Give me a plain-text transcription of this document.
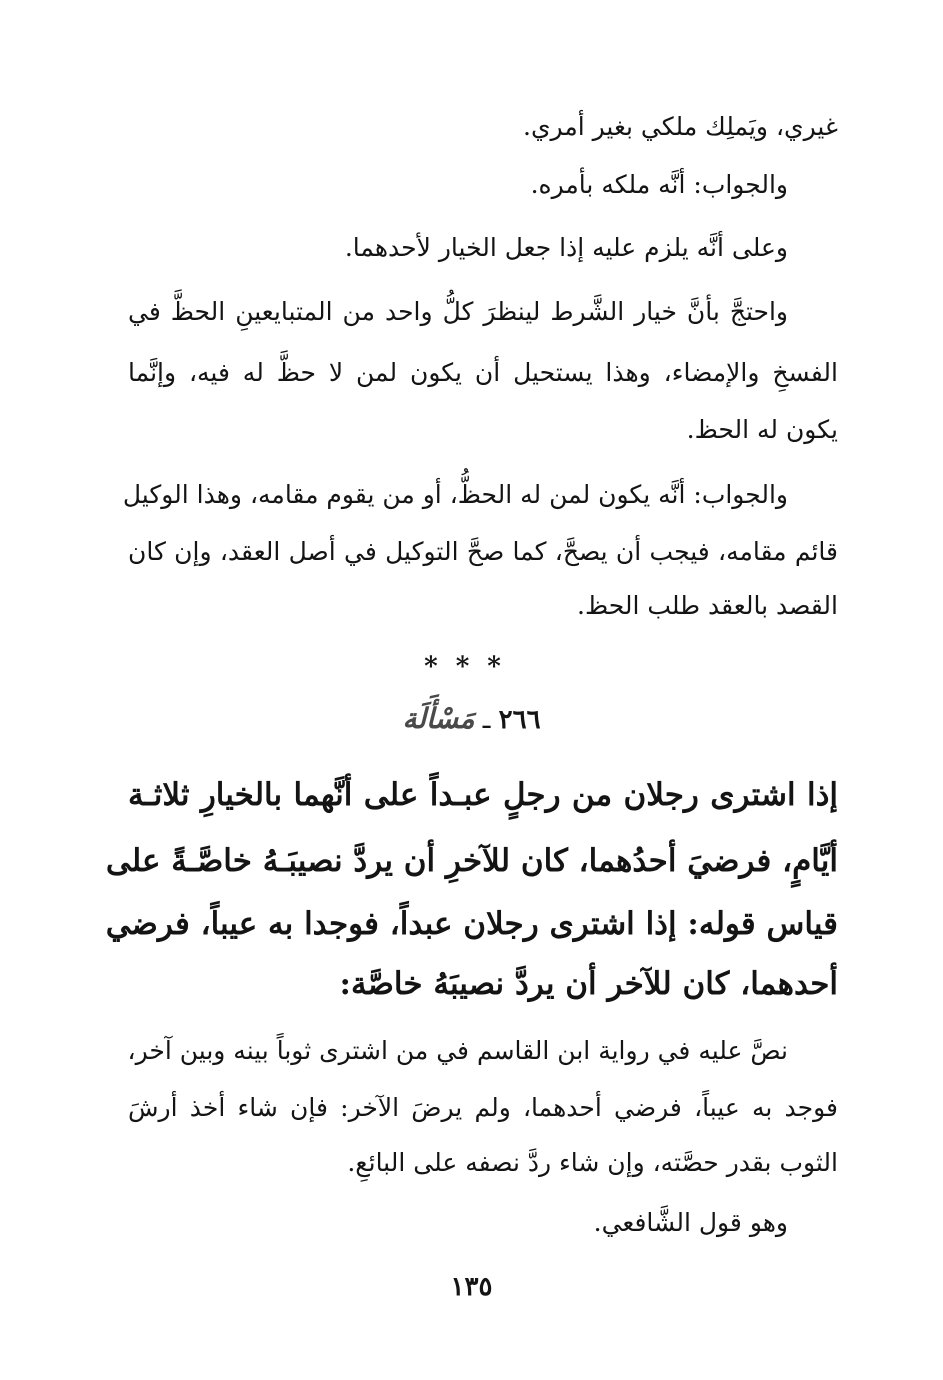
غيري، ويَملِك ملكي بغير أمري.

والجواب: أنَّه ملكه بأمره.

وعلى أنَّه يلزم عليه إذا جعل الخيار لأحدهما.

واحتجَّ بأنَّ خيار الشَّرط لينظرَ كلُّ واحد من المتبايعينِ الحظَّ في

الفسخِ والإمضاء، وهذا يستحيل أن يكون لمن لا حظَّ له فيه، وإنَّما

يكون له الحظ.

والجواب: أنَّه يكون لمن له الحظُّ، أو من يقوم مقامه، وهذا الوكيل

قائم مقامه، فيجب أن يصحَّ، كما صحَّ التوكيل في أصل العقد، وإن كان

القصد بالعقد طلب الحظ.

***
٢٦٦ ـ مَسْأَلَة

إذا اشترى رجلان من رجلٍ عبـداً على أنَّهما بالخيارِ ثلاثـة

أيَّامٍ، فرضيَ أحدُهما، كان للآخرِ أن يردَّ نصيبَـهُ خاصَّـةً على

قياس قوله: إذا اشترى رجلان عبداً، فوجدا به عيباً، فرضي

أحدهما، كان للآخر أن يردَّ نصيبَهُ خاصَّة:

نصَّ عليه في رواية ابن القاسم في من اشترى ثوباً بينه وبين آخر،

فوجد به عيباً، فرضي أحدهما، ولم يرضَ الآخر: فإن شاء أخذ أرشَ

الثوب بقدر حصَّته، وإن شاء ردَّ نصفه على البائعِ.

وهو قول الشَّافعي.

١٣٥
